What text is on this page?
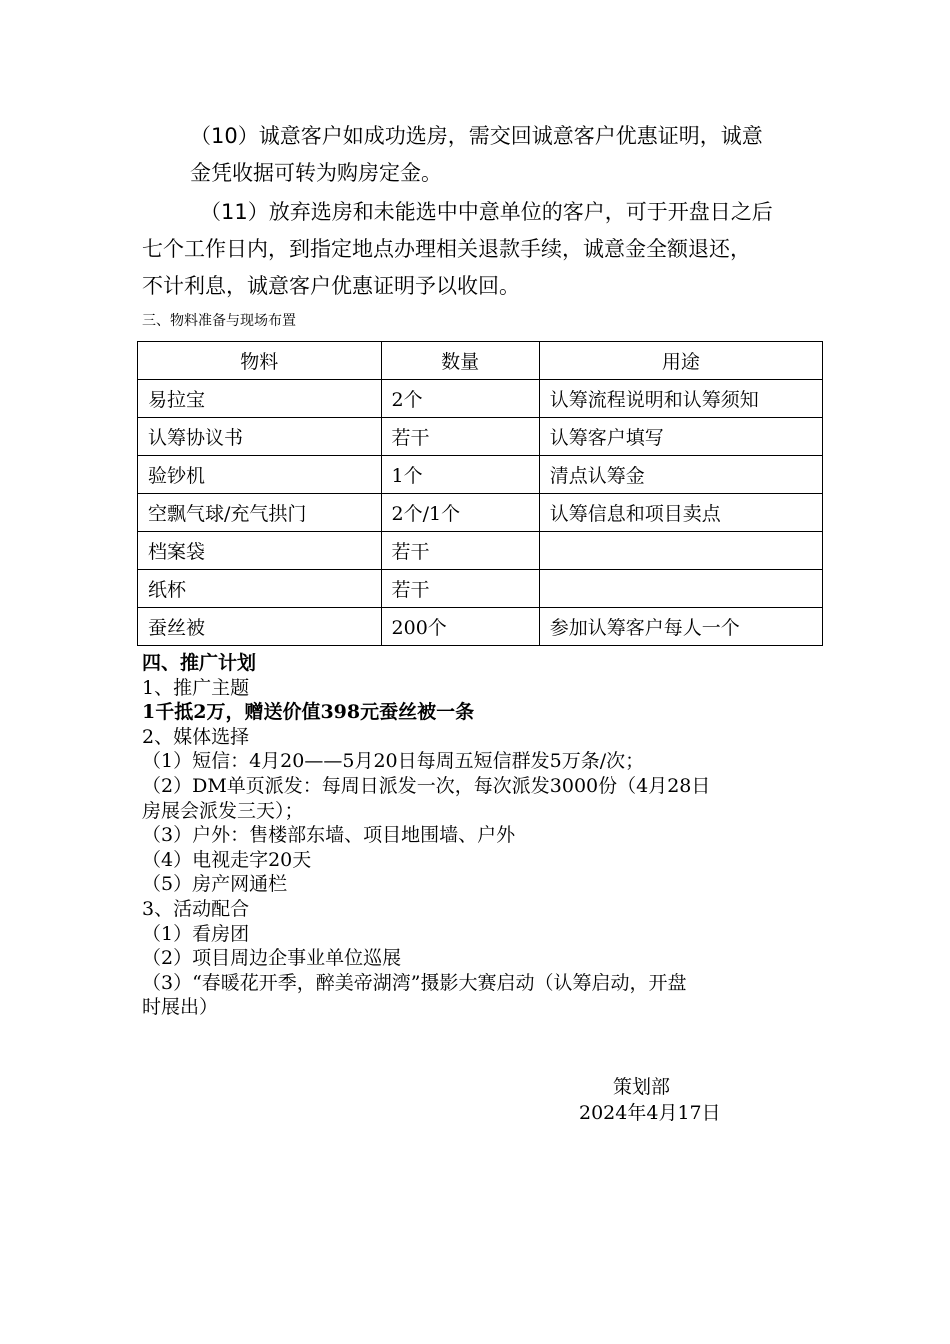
（10）诚意客户如成功选房，需交回诚意客户优惠证明，诚意
金凭收据可转为购房定金。
（11）放弃选房和未能选中中意单位的客户，可于开盘日之后
七个工作日内，到指定地点办理相关退款手续，诚意金全额退还，
不计利息，诚意客户优惠证明予以收回。
三、物料准备与现场布置
物料	数量	用途
易拉宝	2个	认筹流程说明和认筹须知
认筹协议书	若干	认筹客户填写
验钞机	1个	清点认筹金
空飘气球/充气拱门	2个/1个	认筹信息和项目卖点
档案袋	若干	
纸杯	若干	
蚕丝被	200个	参加认筹客户每人一个
四、推广计划
1、推广主题
1千抵2万，赠送价值398元蚕丝被一条
2、媒体选择
（1）短信：4月20——5月20日每周五短信群发5万条/次；
（2）DM单页派发：每周日派发一次，每次派发3000份（4月28日
房展会派发三天）；
（3）户外：售楼部东墙、项目地围墙、户外
（4）电视走字20天
（5）房产网通栏
3、活动配合
（1）看房团
（2）项目周边企事业单位巡展
（3）“春暖花开季，醉美帝湖湾”摄影大赛启动（认筹启动，开盘
时展出）
策划部
2024年4月17日
